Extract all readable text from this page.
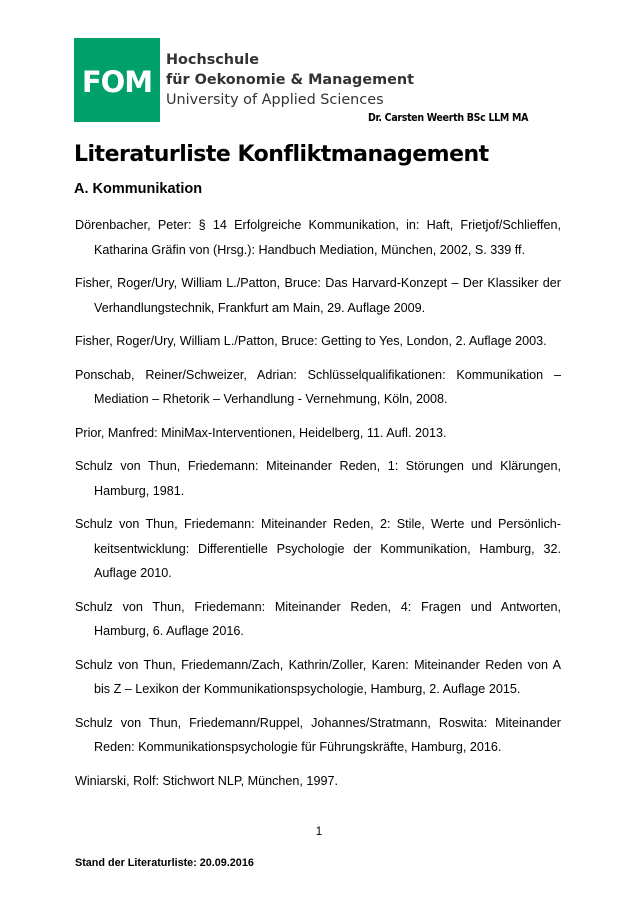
FOM
Hochschule
für Oekonomie & Management
University of Applied Sciences
Dr. Carsten Weerth BSc LLM MA
Literaturliste Konfliktmanagement
A. Kommunikation

Dörenbacher, Peter: § 14 Erfolgreiche Kommunikation, in: Haft, Frietjof/Schlieffen, Katharina Gräfin von (Hrsg.): Handbuch Mediation, München, 2002, S. 339 ff.

Fisher, Roger/Ury, William L./Patton, Bruce: Das Harvard-Konzept – Der Klassiker der Verhandlungstechnik, Frankfurt am Main, 29. Auflage 2009.

Fisher, Roger/Ury, William L./Patton, Bruce: Getting to Yes, London, 2. Auflage 2003.

Ponschab, Reiner/Schweizer, Adrian: Schlüsselqualifikationen: Kommunikation – Mediation – Rhetorik – Verhandlung - Vernehmung, Köln, 2008.

Prior, Manfred: MiniMax-Interventionen, Heidelberg, 11. Aufl. 2013.

Schulz von Thun, Friedemann: Miteinander Reden, 1: Störungen und Klärungen, Hamburg, 1981.

Schulz von Thun, Friedemann: Miteinander Reden, 2: Stile, Werte und Persönlich-keitsentwicklung: Differentielle Psychologie der Kommunikation, Hamburg, 32. Auflage 2010.

Schulz von Thun, Friedemann: Miteinander Reden, 4: Fragen und Antworten, Hamburg, 6. Auflage 2016.

Schulz von Thun, Friedemann/Zach, Kathrin/Zoller, Karen: Miteinander Reden von A bis Z – Lexikon der Kommunikationspsychologie, Hamburg, 2. Auflage 2015.

Schulz von Thun, Friedemann/Ruppel, Johannes/Stratmann, Roswita: Miteinander Reden: Kommunikationspsychologie für Führungskräfte, Hamburg, 2016.

Winiarski, Rolf: Stichwort NLP, München, 1997.

1
Stand der Literaturliste: 20.09.2016
